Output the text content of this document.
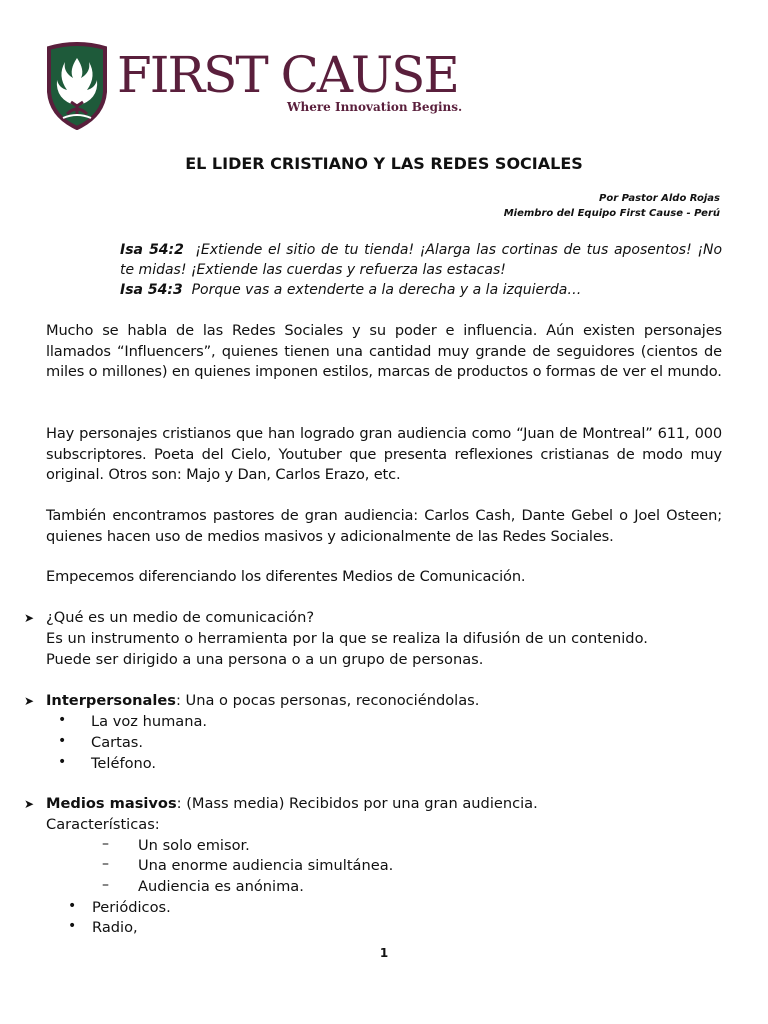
FIRST CAUSE
Where Innovation Begins.
EL LIDER CRISTIANO Y LAS REDES SOCIALES
Por Pastor Aldo Rojas
Miembro del Equipo First Cause - Perú
Isa 54:2 ¡Extiende el sitio de tu tienda! ¡Alarga las cortinas de tus aposentos! ¡No te midas! ¡Extiende las cuerdas y refuerza las estacas!
Isa 54:3 Porque vas a extenderte a la derecha y a la izquierda…
Mucho se habla de las Redes Sociales y su poder e influencia. Aún existen personajes llamados “Influencers”, quienes tienen una cantidad muy grande de seguidores (cientos de miles o millones) en quienes imponen estilos, marcas de productos o formas de ver el mundo.
Hay personajes cristianos que han logrado gran audiencia como “Juan de Montreal” 611, 000 subscriptores. Poeta del Cielo, Youtuber que presenta reflexiones cristianas de modo muy original. Otros son: Majo y Dan, Carlos Erazo, etc.
También encontramos pastores de gran audiencia: Carlos Cash, Dante Gebel o Joel Osteen; quienes hacen uso de medios masivos y adicionalmente de las Redes Sociales.
Empecemos diferenciando los diferentes Medios de Comunicación.
➤ ¿Qué es un medio de comunicación?
Es un instrumento o herramienta por la que se realiza la difusión de un contenido.
Puede ser dirigido a una persona o a un grupo de personas.
➤ Interpersonales: Una o pocas personas, reconociéndolas.
• La voz humana.
• Cartas.
• Teléfono.
➤ Medios masivos: (Mass media) Recibidos por una gran audiencia.
Características:
– Un solo emisor.
– Una enorme audiencia simultánea.
– Audiencia es anónima.
• Periódicos.
• Radio,
1
